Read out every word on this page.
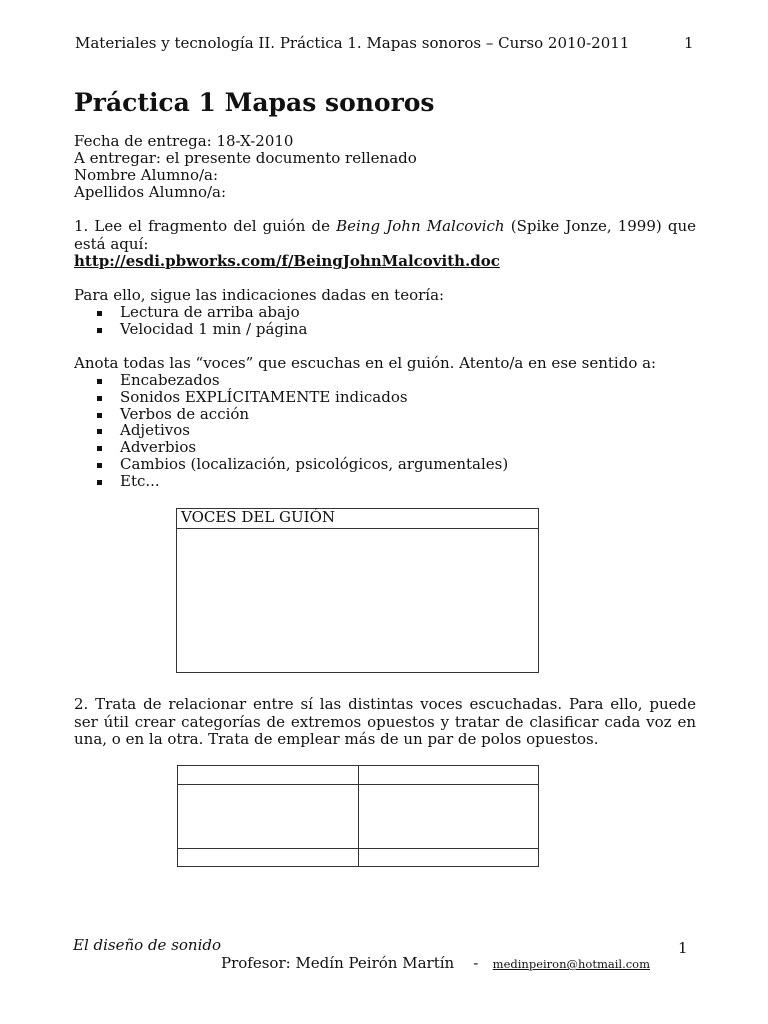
Materiales y tecnología II. Práctica 1. Mapas sonoros – Curso 2010-2011	1
Práctica 1 Mapas sonoros
Fecha de entrega: 18-X-2010
A entregar: el presente documento rellenado
Nombre Alumno/a:
Apellidos Alumno/a:
1. Lee el fragmento del guión de Being John Malcovich (Spike Jonze, 1999) que está aquí:
http://esdi.pbworks.com/f/BeingJohnMalcovith.doc
Para ello, sigue las indicaciones dadas en teoría:
Lectura de arriba abajo
Velocidad 1 min / página
Anota todas las “voces” que escuchas en el guión. Atento/a en ese sentido a:
Encabezados
Sonidos EXPLÍCITAMENTE indicados
Verbos de acción
Adjetivos
Adverbios
Cambios (localización, psicológicos, argumentales)
Etc...
VOCES DEL GUIÓN
2. Trata de relacionar entre sí las distintas voces escuchadas. Para ello, puede ser útil crear categorías de extremos opuestos y tratar de clasificar cada voz en una, o en la otra. Trata de emplear más de un par de polos opuestos.
El diseño de sonido	1
Profesor: Medín Peirón Martín - medinpeiron@hotmail.com
